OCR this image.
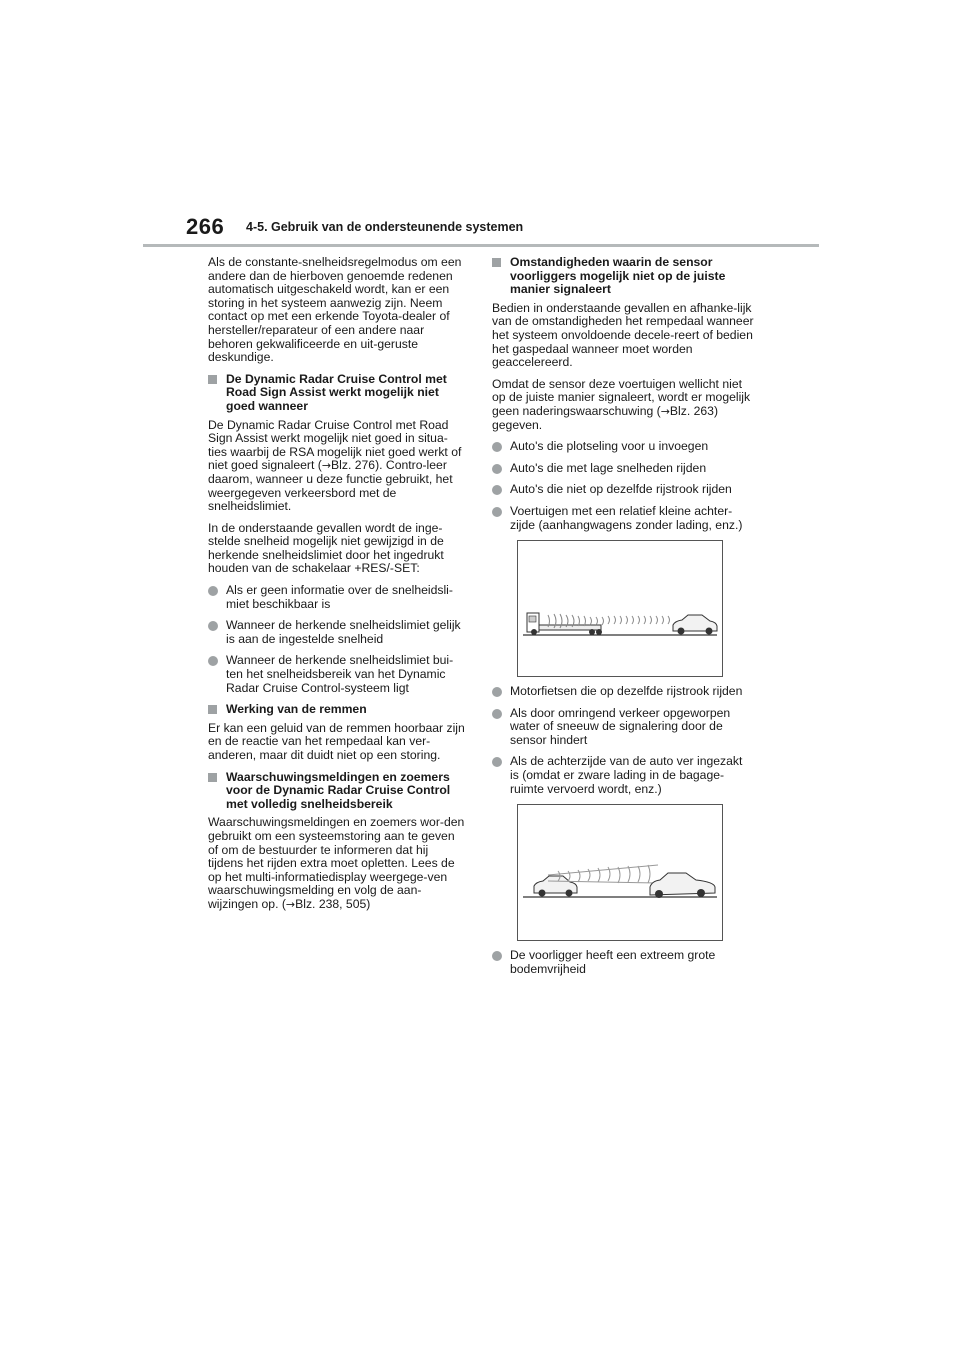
266 4-5. Gebruik van de ondersteunende systemen

Als de constante-snelheidsregelmodus om een andere dan de hierboven genoemde redenen automatisch uitgeschakeld wordt, kan er een storing in het systeem aanwezig zijn. Neem contact op met een erkende Toyota-dealer of hersteller/reparateur of een andere naar behoren gekwalificeerde en uit-geruste deskundige.

De Dynamic Radar Cruise Control met Road Sign Assist werkt mogelijk niet goed wanneer

De Dynamic Radar Cruise Control met Road Sign Assist werkt mogelijk niet goed in situa-ties waarbij de RSA mogelijk niet goed werkt of niet goed signaleert (→Blz. 276). Contro-leer daarom, wanneer u deze functie gebruikt, het weergegeven verkeersbord met de snelheidslimiet.

In de onderstaande gevallen wordt de inge-stelde snelheid mogelijk niet gewijzigd in de herkende snelheidslimiet door het ingedrukt houden van de schakelaar +RES/-SET:

Als er geen informatie over de snelheidsli-miet beschikbaar is
Wanneer de herkende snelheidslimiet gelijk is aan de ingestelde snelheid
Wanneer de herkende snelheidslimiet bui-ten het snelheidsbereik van het Dynamic Radar Cruise Control-systeem ligt
Werking van de remmen

Er kan een geluid van de remmen hoorbaar zijn en de reactie van het rempedaal kan ver-anderen, maar dit duidt niet op een storing.

Waarschuwingsmeldingen en zoemers voor de Dynamic Radar Cruise Control met volledig snelheidsbereik

Waarschuwingsmeldingen en zoemers wor-den gebruikt om een systeemstoring aan te geven of om de bestuurder te informeren dat hij tijdens het rijden extra moet opletten. Lees de op het multi-informatiedisplay weergege-ven waarschuwingsmelding en volg de aan-wijzingen op. (→Blz. 238, 505)

Omstandigheden waarin de sensor voorliggers mogelijk niet op de juiste manier signaleert

Bedien in onderstaande gevallen en afhanke-lijk van de omstandigheden het rempedaal wanneer het systeem onvoldoende decele-reert of bedien het gaspedaal wanneer moet worden geaccelereerd.

Omdat de sensor deze voertuigen wellicht niet op de juiste manier signaleert, wordt er mogelijk geen naderingswaarschuwing (→Blz. 263) gegeven.

Auto's die plotseling voor u invoegen
Auto's die met lage snelheden rijden
Auto's die niet op dezelfde rijstrook rijden
Voertuigen met een relatief kleine achter-zijde (aanhangwagens zonder lading, enz.)
Motorfietsen die op dezelfde rijstrook rijden
Als door omringend verkeer opgeworpen water of sneeuw de signalering door de sensor hindert
Als de achterzijde van de auto ver ingezakt is (omdat er zware lading in de bagage-ruimte vervoerd wordt, enz.)
De voorligger heeft een extreem grote bodemvrijheid
